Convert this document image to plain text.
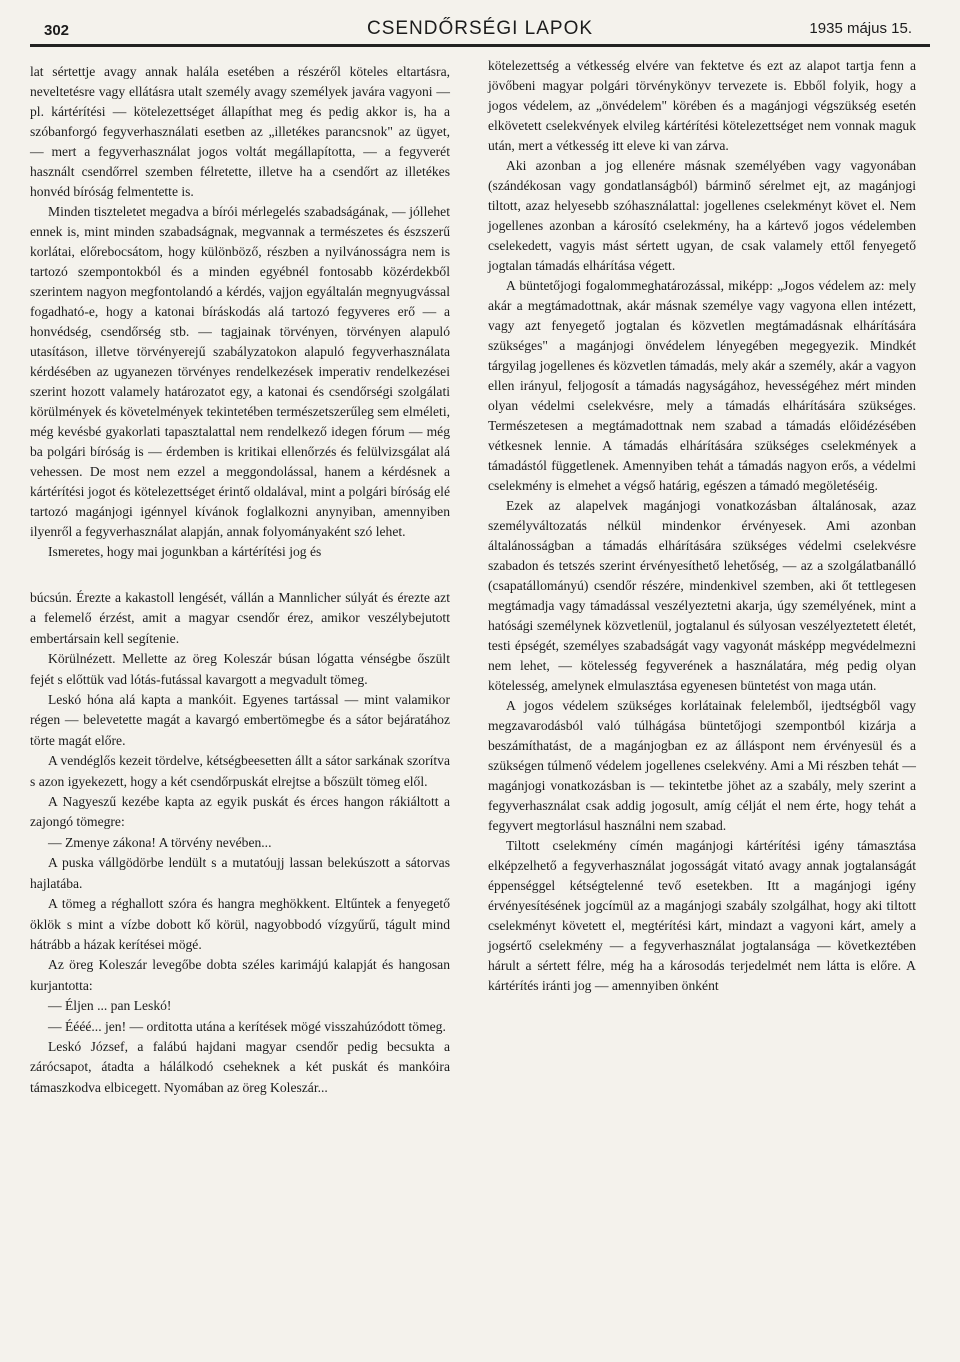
302	CSENDŐRSÉGI LAPOK	1935 május 15.

lat sértettje avagy annak halála esetében a részéről köteles eltartásra, neveltetésre vagy ellátásra utalt személy avagy személyek javára vagyoni — pl. kártérítési — kötelezettséget állapíthat meg és pedig akkor is, ha a szóbanforgó fegyverhasználati esetben az „illetékes parancsnok" az ügyet, — mert a fegyverhasználat jogos voltát megállapította, — a fegyverét használt csendőrrel szemben félretette, illetve ha a csendőrt az illetékes honvéd bíróság felmentette is.

Minden tiszteletet megadva a bírói mérlegelés szabadságának, — jóllehet ennek is, mint minden szabadságnak, megvannak a természetes és észszerű korlátai, előrebocsátom, hogy különböző, részben a nyilvánosságra nem is tartozó szempontokból és a minden egyébnél fontosabb közérdekből szerintem nagyon megfontolandó a kérdés, vajjon egyáltalán megnyugvással fogadható-e, hogy a katonai bíráskodás alá tartozó fegyveres erő — a honvédség, csendőrség stb. — tagjainak törvényen, törvényen alapuló utasításon, illetve törvényerejű szabályzatokon alapuló fegyverhasználata kérdésében az ugyanezen törvényes rendelkezések imperativ rendelkezései szerint hozott valamely határozatot egy, a katonai és csendőrségi szolgálati körülmények és követelmények tekintetében természetszerűleg sem elméleti, még kevésbé gyakorlati tapasztalattal nem rendelkező idegen fórum — még ba polgári bíróság is — érdemben is kritikai ellenőrzés és felülvizsgálat alá vehessen. De most nem ezzel a meggondolással, hanem a kérdésnek a kártérítési jogot és kötelezettséget érintő oldalával, mint a polgári bíróság elé tartozó magánjogi igénnyel kívánok foglalkozni anynyiban, amennyiben ilyenről a fegyverhasználat alapján, annak folyományaként szó lehet.

Ismeretes, hogy mai jogunkban a kártérítési jog és

búcsún. Érezte a kakastoll lengését, vállán a Mannlicher súlyát és érezte azt a felemelő érzést, amit a magyar csendőr érez, amikor veszélybejutott embertársain kell segítenie.

Körülnézett. Mellette az öreg Koleszár búsan lógatta vénségbe őszült fejét s előttük vad lótás-futással kavargott a megvadult tömeg.

Leskó hóna alá kapta a mankóit. Egyenes tartással — mint valamikor régen — belevetette magát a kavargó embertömegbe és a sátor bejáratához törte magát előre.

A vendéglős kezeit tördelve, kétségbeesetten állt a sátor sarkának szorítva s azon igyekezett, hogy a két csendőrpuskát elrejtse a bőszült tömeg elől.

A Nagyeszű kezébe kapta az egyik puskát és érces hangon rákiáltott a zajongó tömegre:

— Zmenye zákona! A törvény nevében...

A puska vállgödörbe lendült s a mutatóujj lassan belekúszott a sátorvas hajlatába.

A tömeg a réghallott szóra és hangra meghökkent. Eltűntek a fenyegető öklök s mint a vízbe dobott kő körül, nagyobbodó vízgyűrű, tágult mind hátrább a házak kerítései mögé.

Az öreg Koleszár levegőbe dobta széles karimájú kalapját és hangosan kurjantotta:

— Éljen ... pan Leskó!

— Éééé... jen! — orditotta utána a kerítések mögé visszahúzódott tömeg.

Leskó József, a falábú hajdani magyar csendőr pedig becsukta a zárócsapot, átadta a hálálkodó cseheknek a két puskát és mankóira támaszkodva elbicegett. Nyomában az öreg Koleszár...

kötelezettség a vétkesség elvére van fektetve és ezt az alapot tartja fenn a jövőbeni magyar polgári törvénykönyv tervezete is. Ebből folyik, hogy a jogos védelem, az „önvédelem" körében és a magánjogi végszükség esetén elkövetett cselekvények elvileg kártérítési kötelezettséget nem vonnak maguk után, mert a vétkesség itt eleve ki van zárva.

Aki azonban a jog ellenére másnak személyében vagy vagyonában (szándékosan vagy gondatlanságból) bárminő sérelmet ejt, az magánjogi tiltott, azaz helyesebb szóhasználattal: jogellenes cselekményt követ el. Nem jogellenes azonban a károsító cselekmény, ha a kártevő jogos védelemben cselekedett, vagyis mást sértett ugyan, de csak valamely ettől fenyegető jogtalan támadás elhárítása végett.

A büntetőjogi fogalommeghatározással, miképp: „Jogos védelem az: mely akár a megtámadottnak, akár másnak személye vagy vagyona ellen intézett, vagy azt fenyegető jogtalan és közvetlen megtámadásnak elhárítására szükséges" a magánjogi önvédelem lényegében megegyezik. Mindkét tárgyilag jogellenes és közvetlen támadás, mely akár a személy, akár a vagyon ellen irányul, feljogosít a támadás nagyságához, hevességéhez mért minden olyan védelmi cselekvésre, mely a támadás elhárítására szükséges. Természetesen a megtámadottnak nem szabad a támadás előidézésében vétkesnek lennie. A támadás elhárítására szükséges cselekmények a támadástól függetlenek. Amennyiben tehát a támadás nagyon erős, a védelmi cselekmény is elmehet a végső határig, egészen a támadó megöletéséig.

Ezek az alapelvek magánjogi vonatkozásban általánosak, azaz személyváltozatás nélkül mindenkor érvényesek. Ami azonban általánosságban a támadás elhárítására szükséges védelmi cselekvésre szabadon és tetszés szerint érvényesíthető lehetőség, — az a szolgálatbanálló (csapatállományú) csendőr részére, mindenkivel szemben, aki őt tettlegesen megtámadja vagy támadással veszélyeztetni akarja, úgy személyének, mint a hatósági személynek közvetlenül, jogtalanul és súlyosan veszélyeztetett életét, testi épségét, személyes szabadságát vagy vagyonát másképp megvédelmezni nem lehet, — kötelesség fegyverének a használatára, még pedig olyan kötelesség, amelynek elmulasztása egyenesen büntetést von maga után.

A jogos védelem szükséges korlátainak felelemből, ijedtségből vagy megzavarodásból való túlhágása büntetőjogi szempontból kizárja a beszámíthatást, de a magánjogban ez az álláspont nem érvényesül és a szükségen túlmenő védelem jogellenes cselekvény. Ami a Mi részben tehát — magánjogi vonatkozásban is — tekintetbe jöhet az a szabály, mely szerint a fegyverhasználat csak addig jogosult, amíg célját el nem érte, hogy tehát a fegyvert megtorlásul használni nem szabad.

Tiltott cselekmény címén magánjogi kártérítési igény támasztása elképzelhető a fegyverhasználat jogosságát vitató avagy annak jogtalanságát éppenséggel kétségtelenné tevő esetekben. Itt a magánjogi igény érvényesítésének jogcímül az a magánjogi szabály szolgálhat, hogy aki tiltott cselekményt követett el, megtérítési kárt, mindazt a vagyoni kárt, amely a jogsértő cselekmény — a fegyverhasználat jogtalansága — következtében hárult a sértett félre, még ha a károsodás terjedelmét nem látta is előre. A kártérítés iránti jog — amennyiben önként
